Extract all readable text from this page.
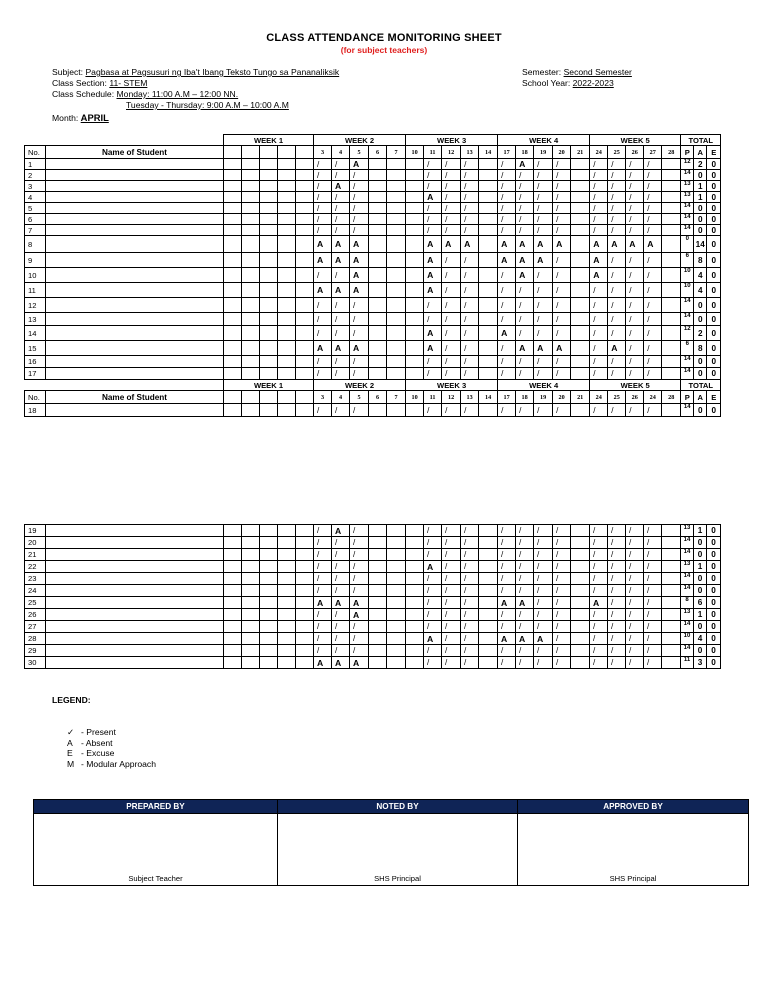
CLASS ATTENDANCE MONITORING SHEET
(for subject teachers)
Subject: Pagbasa at Pagsusuri ng Iba't Ibang Teksto Tungo sa Pananaliksik
Class Section: 11- STEM
Class Schedule: Monday: 11:00 A.M – 12:00 NN.
Tuesday - Thursday: 9:00 A.M – 10:00 A.M
Month: APRIL
Semester: Second Semester
School Year: 2022-2023
		WEEK 1					WEEK 2					WEEK 3					WEEK 4					WEEK 5					TOTAL		
No.	Name of Student						3	4	5	6	7	10	11	12	13	14	17	18	19	20	21	24	25	26	27	28	P	A	E
1							/	/	A				/	/	/		/	A	/	/		/	/	/	/		12	2	0
2							/	/	/				/	/	/		/	/	/	/		/	/	/	/		14	0	0
3							/	A	/				/	/	/		/	/	/	/		/	/	/	/		13	1	0
4							/	/	/				A	/	/		/	/	/	/		/	/	/	/		13	1	0
5							/	/	/				/	/	/		/	/	/	/		/	/	/	/		14	0	0
6							/	/	/				/	/	/		/	/	/	/		/	/	/	/		14	0	0
7							/	/	/				/	/	/		/	/	/	/		/	/	/	/		14	0	0
8							A	A	A				A	A	A		A	A	A	A		A	A	A	A		0	14	0
9							A	A	A				A	/	/		A	A	A	/		A	/	/	/		6	8	0
10							/	/	A				A	/	/		/	A	/	/		A	/	/	/		10	4	0
11							A	A	A				A	/	/		/	/	/	/		/	/	/	/		10	4	0
12							/	/	/				/	/	/		/	/	/	/		/	/	/	/		14	0	0
13							/	/	/				/	/	/		/	/	/	/		/	/	/	/		14	0	0
14							/	/	/				A	/	/		A	/	/	/		/	/	/	/		12	2	0
15							A	A	A				A	/	/		/	A	A	A		/	A	/	/		6	8	0
16							/	/	/				/	/	/		/	/	/	/		/	/	/	/		14	0	0
17							/	/	/				/	/	/		/	/	/	/		/	/	/	/		14	0	0
		WEEK 1					WEEK 2					WEEK 3					WEEK 4					WEEK 5					TOTAL		
No.	Name of Student						3	4	5	6	7	10	11	12	13	14	17	18	19	20	21	24	25	26	24	28	P	A	E
18							/	/	/				/	/	/		/	/	/	/		/	/	/	/		14	0	0
19							/	A	/				/	/	/		/	/	/	/		/	/	/	/		13	1	0
20							/	/	/				/	/	/		/	/	/	/		/	/	/	/		14	0	0
21							/	/	/				/	/	/		/	/	/	/		/	/	/	/		14	0	0
22							/	/	/				A	/	/		/	/	/	/		/	/	/	/		13	1	0
23							/	/	/				/	/	/		/	/	/	/		/	/	/	/		14	0	0
24							/	/	/				/	/	/		/	/	/	/		/	/	/	/		14	0	0
25							A	A	A				/	/	/		A	A	/	/		A	/	/	/		8	6	0
26							/	/	A				/	/	/		/	/	/	/		/	/	/	/		13	1	0
27							/	/	/				/	/	/		/	/	/	/		/	/	/	/		14	0	0
28							/	/	/				A	/	/		A	A	A	/		/	/	/	/		10	4	0
29							/	/	/				/	/	/		/	/	/	/		/	/	/	/		14	0	0
30							A	A	A				/	/	/		/	/	/	/		/	/	/	/		11	3	0
LEGEND:
✓ - Present
A - Absent
E - Excuse
M - Modular Approach
PREPARED BY	NOTED BY	APPROVED BY
Subject Teacher	SHS Principal	SHS Principal
